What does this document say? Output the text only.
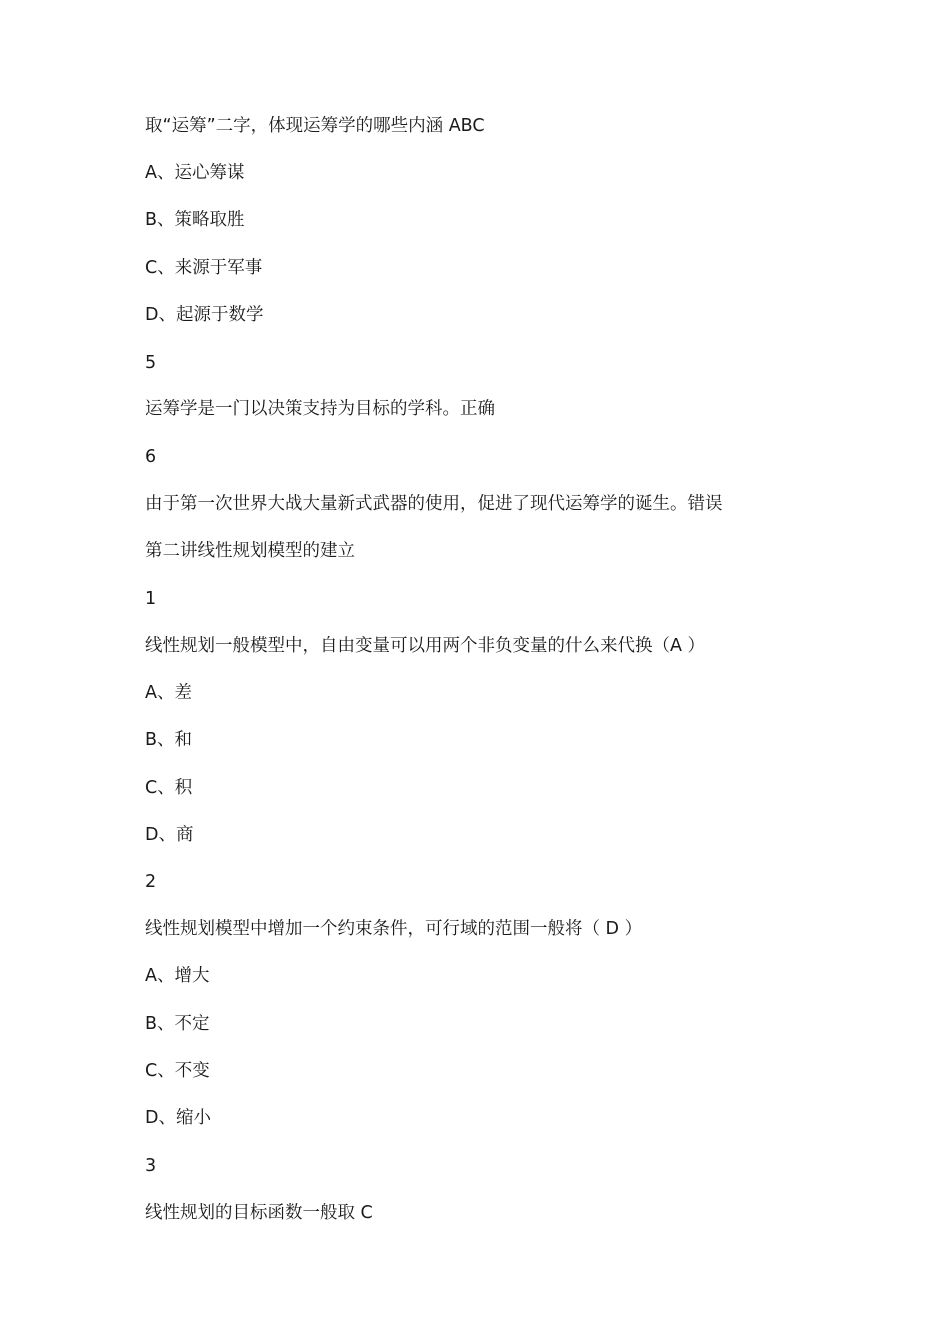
取“运筹”二字，体现运筹学的哪些内涵 ABC

A、运心筹谋

B、策略取胜

C、来源于军事

D、起源于数学

5

运筹学是一门以决策支持为目标的学科。正确

6

由于第一次世界大战大量新式武器的使用，促进了现代运筹学的诞生。错误

第二讲线性规划模型的建立

1

线性规划一般模型中，自由变量可以用两个非负变量的什么来代换（A ）

A、差

B、和

C、积

D、商

2

线性规划模型中增加一个约束条件，可行域的范围一般将（ D ）

A、增大

B、不定

C、不变

D、缩小

3

线性规划的目标函数一般取 C
